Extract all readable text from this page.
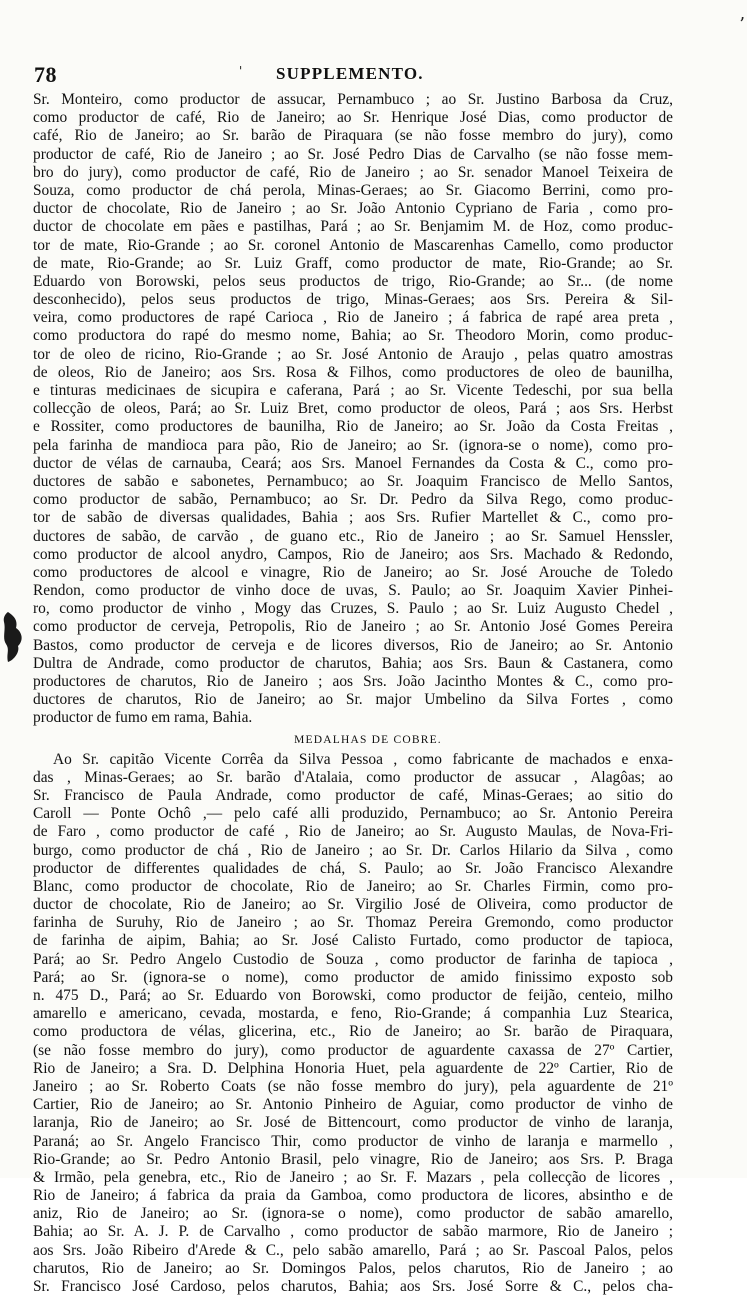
78	' SUPPLEMENTO.
’
Sr. Monteiro, como productor de assucar, Pernambuco ; ao Sr. Justino Barbosa da Cruz,
como productor de café, Rio de Janeiro; ao Sr. Henrique José Dias, como productor de
café, Rio de Janeiro; ao Sr. barão de Piraquara (se não fosse membro do jury), como
productor de café, Rio de Janeiro ; ao Sr. José Pedro Dias de Carvalho (se não fosse mem-
bro do jury), como productor de café, Rio de Janeiro ; ao Sr. senador Manoel Teixeira de
Souza, como productor de chá perola, Minas-Geraes; ao Sr. Giacomo Berrini, como pro-
ductor de chocolate, Rio de Janeiro ; ao Sr. João Antonio Cypriano de Faria , como pro-
ductor de chocolate em pães e pastilhas, Pará ; ao Sr. Benjamim M. de Hoz, como produc-
tor de mate, Rio-Grande ; ao Sr. coronel Antonio de Mascarenhas Camello, como productor
de mate, Rio-Grande; ao Sr. Luiz Graff, como productor de mate, Rio-Grande; ao Sr.
Eduardo von Borowski, pelos seus productos de trigo, Rio-Grande; ao Sr... (de nome
desconhecido), pelos seus productos de trigo, Minas-Geraes; aos Srs. Pereira & Sil-
veira, como productores de rapé Carioca , Rio de Janeiro ; á fabrica de rapé area preta ,
como productora do rapé do mesmo nome, Bahia; ao Sr. Theodoro Morin, como produc-
tor de oleo de ricino, Rio-Grande ; ao Sr. José Antonio de Araujo , pelas quatro amostras
de oleos, Rio de Janeiro; aos Srs. Rosa & Filhos, como productores de oleo de baunilha,
e tinturas medicinaes de sicupira e caferana, Pará ; ao Sr. Vicente Tedeschi, por sua bella
collecção de oleos, Pará; ao Sr. Luiz Bret, como productor de oleos, Pará ; aos Srs. Herbst
e Rossiter, como productores de baunilha, Rio de Janeiro; ao Sr. João da Costa Freitas ,
pela farinha de mandioca para pão, Rio de Janeiro; ao Sr. (ignora-se o nome), como pro-
ductor de vélas de carnauba, Ceará; aos Srs. Manoel Fernandes da Costa & C., como pro-
ductores de sabão e sabonetes, Pernambuco; ao Sr. Joaquim Francisco de Mello Santos,
como productor de sabão, Pernambuco; ao Sr. Dr. Pedro da Silva Rego, como produc-
tor de sabão de diversas qualidades, Bahia ; aos Srs. Rufier Martellet & C., como pro-
ductores de sabão, de carvão , de guano etc., Rio de Janeiro ; ao Sr. Samuel Henssler,
como productor de alcool anydro, Campos, Rio de Janeiro; aos Srs. Machado & Redondo,
como productores de alcool e vinagre, Rio de Janeiro; ao Sr. José Arouche de Toledo
Rendon, como productor de vinho doce de uvas, S. Paulo; ao Sr. Joaquim Xavier Pinhei-
ro, como productor de vinho , Mogy das Cruzes, S. Paulo ; ao Sr. Luiz Augusto Chedel ,
como productor de cerveja, Petropolis, Rio de Janeiro ; ao Sr. Antonio José Gomes Pereira
Bastos, como productor de cerveja e de licores diversos, Rio de Janeiro; ao Sr. Antonio
Dultra de Andrade, como productor de charutos, Bahia; aos Srs. Baun & Castanera, como
productores de charutos, Rio de Janeiro ; aos Srs. João Jacintho Montes & C., como pro-
ductores de charutos, Rio de Janeiro; ao Sr. major Umbelino da Silva Fortes , como
productor de fumo em rama, Bahia.
MEDALHAS DE COBRE.
Ao Sr. capitão Vicente Corrêa da Silva Pessoa , como fabricante de machados e enxa-
das , Minas-Geraes; ao Sr. barão d'Atalaia, como productor de assucar , Alagôas; ao
Sr. Francisco de Paula Andrade, como productor de café, Minas-Geraes; ao sitio do
Caroll — Ponte Ochô ,— pelo café alli produzido, Pernambuco; ao Sr. Antonio Pereira
de Faro , como productor de café , Rio de Janeiro; ao Sr. Augusto Maulas, de Nova-Fri-
burgo, como productor de chá , Rio de Janeiro ; ao Sr. Dr. Carlos Hilario da Silva , como
productor de differentes qualidades de chá, S. Paulo; ao Sr. João Francisco Alexandre
Blanc, como productor de chocolate, Rio de Janeiro; ao Sr. Charles Firmin, como pro-
ductor de chocolate, Rio de Janeiro; ao Sr. Virgilio José de Oliveira, como productor de
farinha de Suruhy, Rio de Janeiro ; ao Sr. Thomaz Pereira Gremondo, como productor
de farinha de aipim, Bahia; ao Sr. José Calisto Furtado, como productor de tapioca,
Pará; ao Sr. Pedro Angelo Custodio de Souza , como productor de farinha de tapioca ,
Pará; ao Sr. (ignora-se o nome), como productor de amido finissimo exposto sob
n. 475 D., Pará; ao Sr. Eduardo von Borowski, como productor de feijão, centeio, milho
amarello e americano, cevada, mostarda, e feno, Rio-Grande; á companhia Luz Stearica,
como productora de vélas, glicerina, etc., Rio de Janeiro; ao Sr. barão de Piraquara,
(se não fosse membro do jury), como productor de aguardente caxassa de 27º Cartier,
Rio de Janeiro; a Sra. D. Delphina Honoria Huet, pela aguardente de 22º Cartier, Rio de
Janeiro ; ao Sr. Roberto Coats (se não fosse membro do jury), pela aguardente de 21º
Cartier, Rio de Janeiro; ao Sr. Antonio Pinheiro de Aguiar, como productor de vinho de
laranja, Rio de Janeiro; ao Sr. José de Bittencourt, como productor de vinho de laranja,
Paraná; ao Sr. Angelo Francisco Thir, como productor de vinho de laranja e marmello ,
Rio-Grande; ao Sr. Pedro Antonio Brasil, pelo vinagre, Rio de Janeiro; aos Srs. P. Braga
& Irmão, pela genebra, etc., Rio de Janeiro ; ao Sr. F. Mazars , pela collecção de licores ,
Rio de Janeiro; á fabrica da praia da Gamboa, como productora de licores, absintho e de
aniz, Rio de Janeiro; ao Sr. (ignora-se o nome), como productor de sabão amarello,
Bahia; ao Sr. A. J. P. de Carvalho , como productor de sabão marmore, Rio de Janeiro ;
aos Srs. João Ribeiro d'Arede & C., pelo sabão amarello, Pará ; ao Sr. Pascoal Palos, pelos
charutos, Rio de Janeiro; ao Sr. Domingos Palos, pelos charutos, Rio de Janeiro ; ao
Sr. Francisco José Cardoso, pelos charutos, Bahia; aos Srs. José Sorre & C., pelos cha-
